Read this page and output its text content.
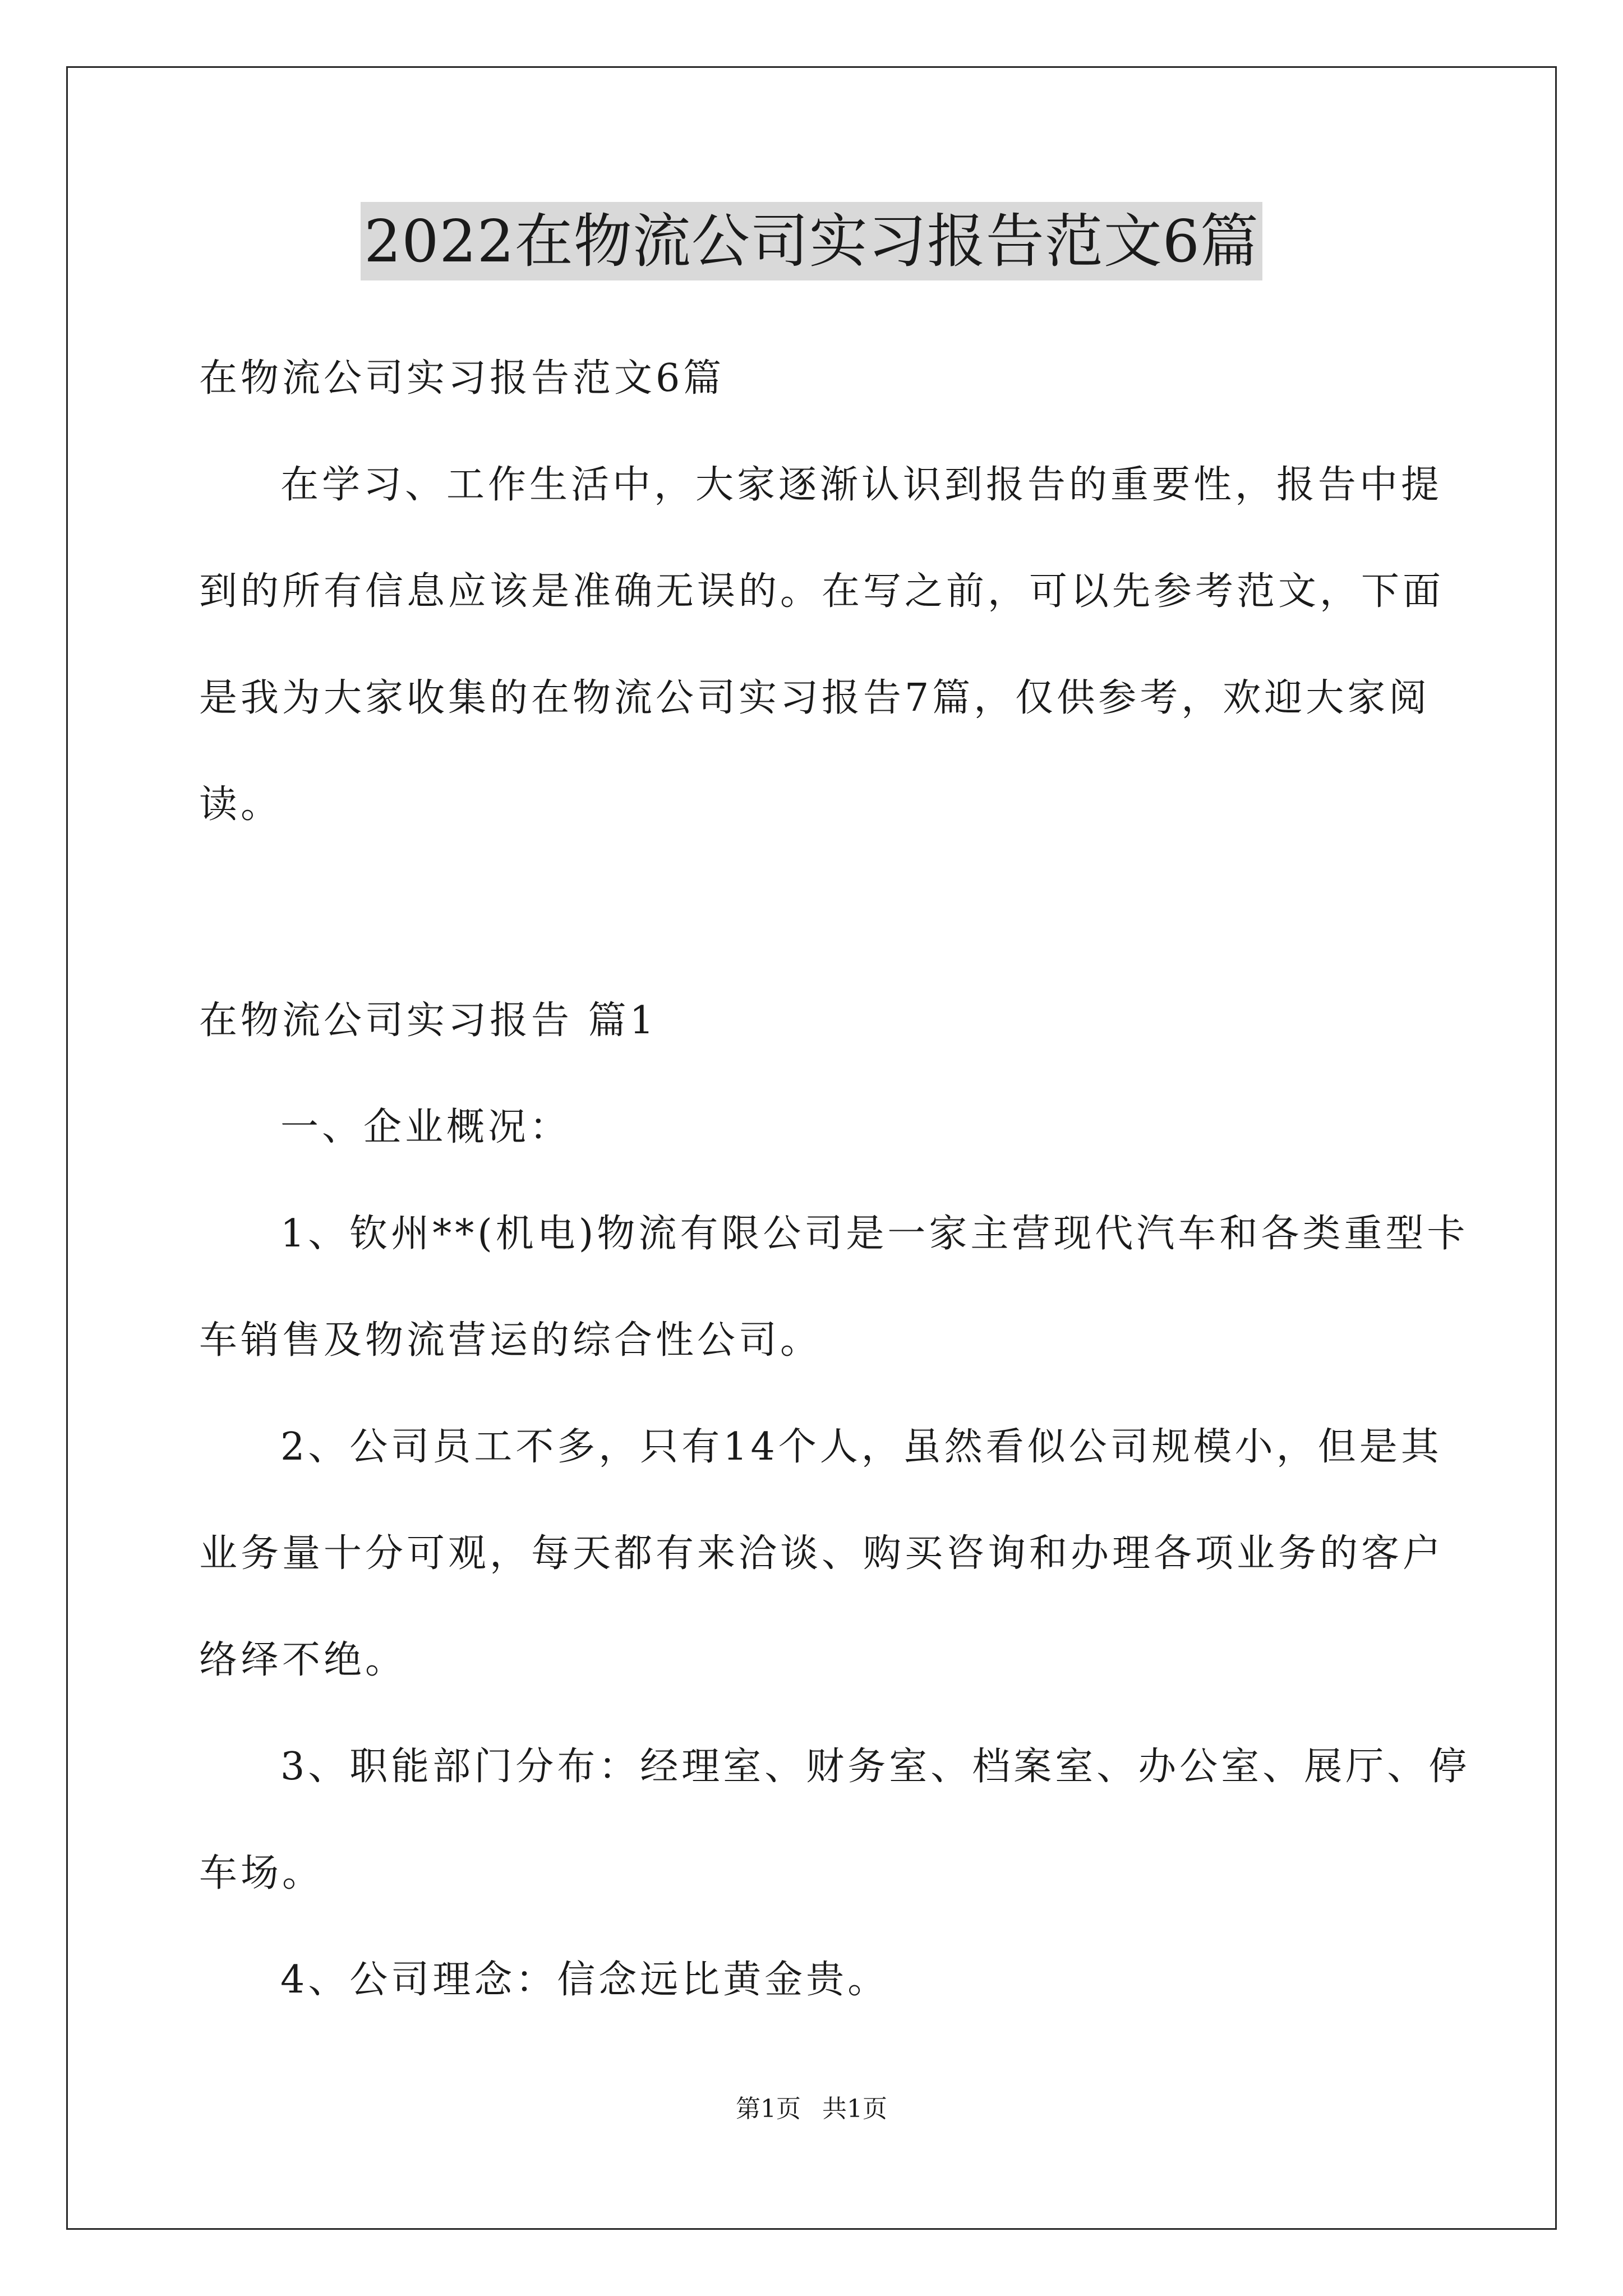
2022在物流公司实习报告范文6篇
在物流公司实习报告范文6篇
在学习、工作生活中，大家逐渐认识到报告的重要性，报告中提
到的所有信息应该是准确无误的。在写之前，可以先参考范文，下面
是我为大家收集的在物流公司实习报告7篇，仅供参考，欢迎大家阅
读。
在物流公司实习报告 篇1
一、企业概况：
1、钦州**(机电)物流有限公司是一家主营现代汽车和各类重型卡
车销售及物流营运的综合性公司。
2、公司员工不多，只有14个人，虽然看似公司规模小，但是其
业务量十分可观，每天都有来洽谈、购买咨询和办理各项业务的客户
络绎不绝。
3、职能部门分布：经理室、财务室、档案室、办公室、展厅、停
车场。
4、公司理念：信念远比黄金贵。
第1页 共1页
